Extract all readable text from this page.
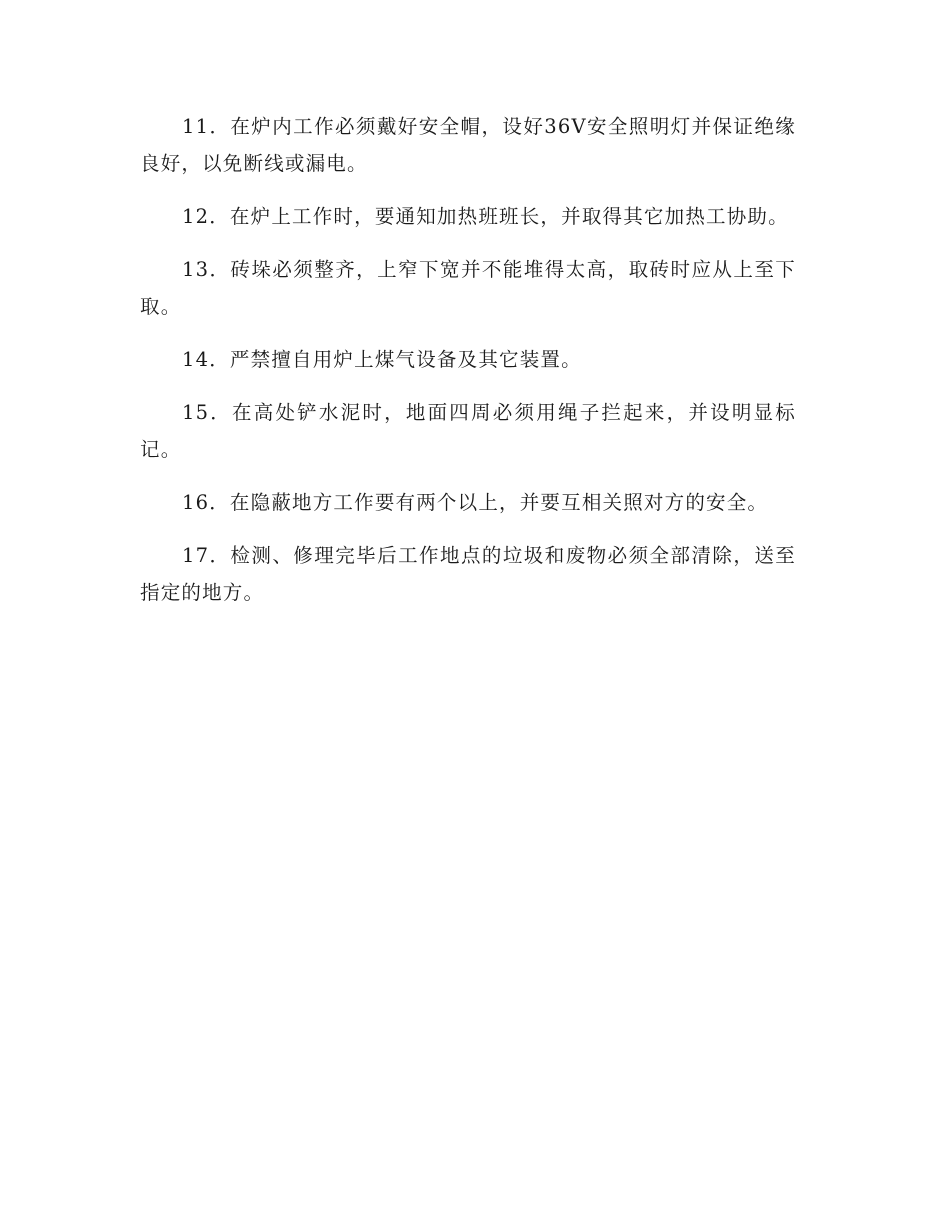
11．在炉内工作必须戴好安全帽，设好36V安全照明灯并保证绝缘良好，以免断线或漏电。

12．在炉上工作时，要通知加热班班长，并取得其它加热工协助。

13．砖垛必须整齐，上窄下宽并不能堆得太高，取砖时应从上至下取。

14．严禁擅自用炉上煤气设备及其它装置。

15．在高处铲水泥时，地面四周必须用绳子拦起来，并设明显标记。

16．在隐蔽地方工作要有两个以上，并要互相关照对方的安全。

17．检测、修理完毕后工作地点的垃圾和废物必须全部清除，送至指定的地方。
